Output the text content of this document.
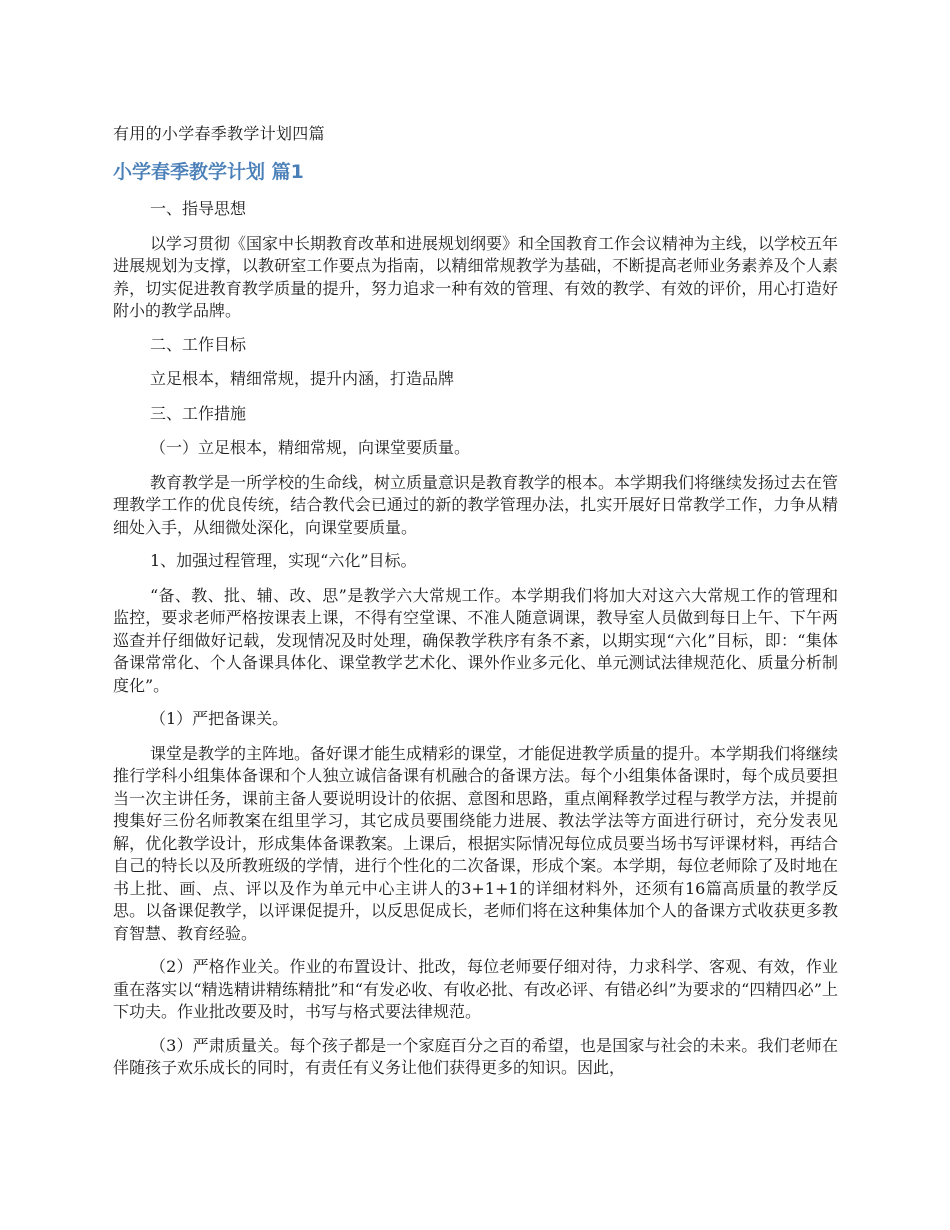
有用的小学春季教学计划四篇
小学春季教学计划 篇1

一、指导思想

以学习贯彻《国家中长期教育改革和进展规划纲要》和全国教育工作会议精神为主线，以学校五年进展规划为支撑，以教研室工作要点为指南，以精细常规教学为基础，不断提高老师业务素养及个人素养，切实促进教育教学质量的提升，努力追求一种有效的管理、有效的教学、有效的评价，用心打造好附小的教学品牌。

二、工作目标

立足根本，精细常规，提升内涵，打造品牌

三、工作措施

（一）立足根本，精细常规，向课堂要质量。

教育教学是一所学校的生命线，树立质量意识是教育教学的根本。本学期我们将继续发扬过去在管理教学工作的优良传统，结合教代会已通过的新的教学管理办法，扎实开展好日常教学工作，力争从精细处入手，从细微处深化，向课堂要质量。

1、加强过程管理，实现“六化”目标。

“备、教、批、辅、改、思”是教学六大常规工作。本学期我们将加大对这六大常规工作的管理和监控，要求老师严格按课表上课，不得有空堂课、不准人随意调课，教导室人员做到每日上午、下午两巡查并仔细做好记载，发现情况及时处理，确保教学秩序有条不紊，以期实现“六化”目标，即：“集体备课常常化、个人备课具体化、课堂教学艺术化、课外作业多元化、单元测试法律规范化、质量分析制度化”。

（1）严把备课关。

课堂是教学的主阵地。备好课才能生成精彩的课堂，才能促进教学质量的提升。本学期我们将继续推行学科小组集体备课和个人独立诚信备课有机融合的备课方法。每个小组集体备课时，每个成员要担当一次主讲任务，课前主备人要说明设计的依据、意图和思路，重点阐释教学过程与教学方法，并提前搜集好三份名师教案在组里学习，其它成员要围绕能力进展、教法学法等方面进行研讨，充分发表见解，优化教学设计，形成集体备课教案。上课后，根据实际情况每位成员要当场书写评课材料，再结合自己的特长以及所教班级的学情，进行个性化的二次备课，形成个案。本学期，每位老师除了及时地在书上批、画、点、评以及作为单元中心主讲人的3+1+1的详细材料外，还须有16篇高质量的教学反思。以备课促教学，以评课促提升，以反思促成长，老师们将在这种集体加个人的备课方式收获更多教育智慧、教育经验。

（2）严格作业关。作业的布置设计、批改，每位老师要仔细对待，力求科学、客观、有效，作业重在落实以“精选精讲精练精批”和“有发必收、有收必批、有改必评、有错必纠”为要求的“四精四必”上下功夫。作业批改要及时，书写与格式要法律规范。

（3）严肃质量关。每个孩子都是一个家庭百分之百的希望，也是国家与社会的未来。我们老师在伴随孩子欢乐成长的同时，有责任有义务让他们获得更多的知识。因此，
